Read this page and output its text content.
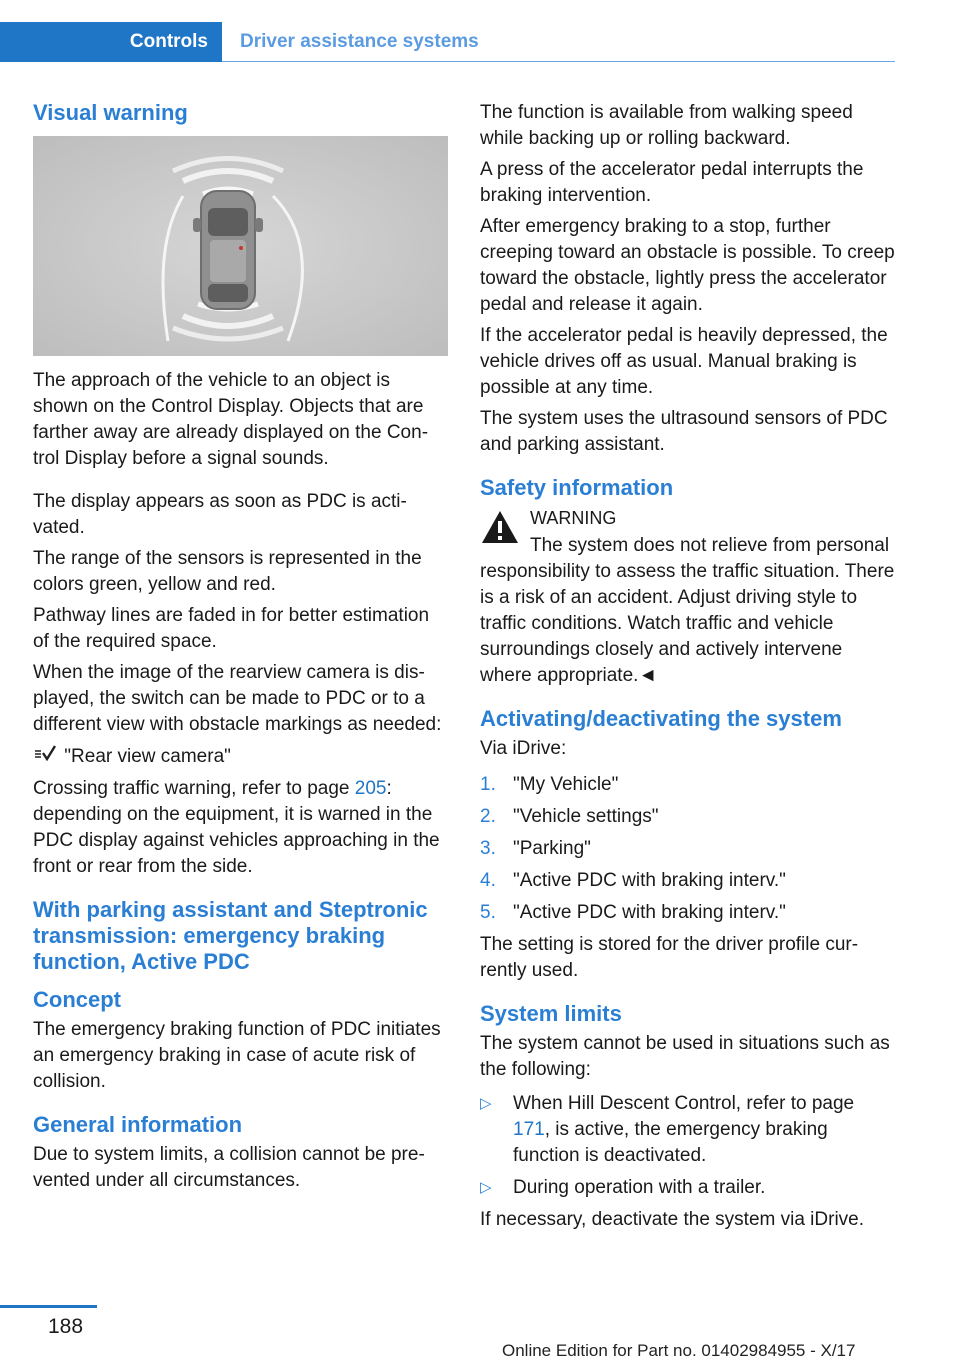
Controls	Driver assistance systems
Visual warning

The approach of the vehicle to an object is shown on the Control Display. Objects that are farther away are already displayed on the Control Display before a signal sounds.

The display appears as soon as PDC is activated.

The range of the sensors is represented in the colors green, yellow and red.

Pathway lines are faded in for better estimation of the required space.

When the image of the rearview camera is displayed, the switch can be made to PDC or to a different view with obstacle markings as needed:

"Rear view camera"

Crossing traffic warning, refer to page 205: depending on the equipment, it is warned in the PDC display against vehicles approaching in the front or rear from the side.

With parking assistant and Steptronic transmission: emergency braking function, Active PDC
Concept

The emergency braking function of PDC initiates an emergency braking in case of acute risk of collision.

General information

Due to system limits, a collision cannot be prevented under all circumstances.

The function is available from walking speed while backing up or rolling backward.

A press of the accelerator pedal interrupts the braking intervention.

After emergency braking to a stop, further creeping toward an obstacle is possible. To creep toward the obstacle, lightly press the accelerator pedal and release it again.

If the accelerator pedal is heavily depressed, the vehicle drives off as usual. Manual braking is possible at any time.

The system uses the ultrasound sensors of PDC and parking assistant.

Safety information
WARNING

The system does not relieve from personal responsibility to assess the traffic situation. There is a risk of an accident. Adjust driving style to traffic conditions. Watch traffic and vehicle surroundings closely and actively intervene where appropriate.◄

Activating/deactivating the system

Via iDrive:

1. "My Vehicle"
2. "Vehicle settings"
3. "Parking"
4. "Active PDC with braking interv."
5. "Active PDC with braking interv."

The setting is stored for the driver profile currently used.

System limits

The system cannot be used in situations such as the following:

▷ When Hill Descent Control, refer to page 171, is active, the emergency braking function is deactivated.
▷ During operation with a trailer.

If necessary, deactivate the system via iDrive.

188
Online Edition for Part no. 01402984955 - X/17
